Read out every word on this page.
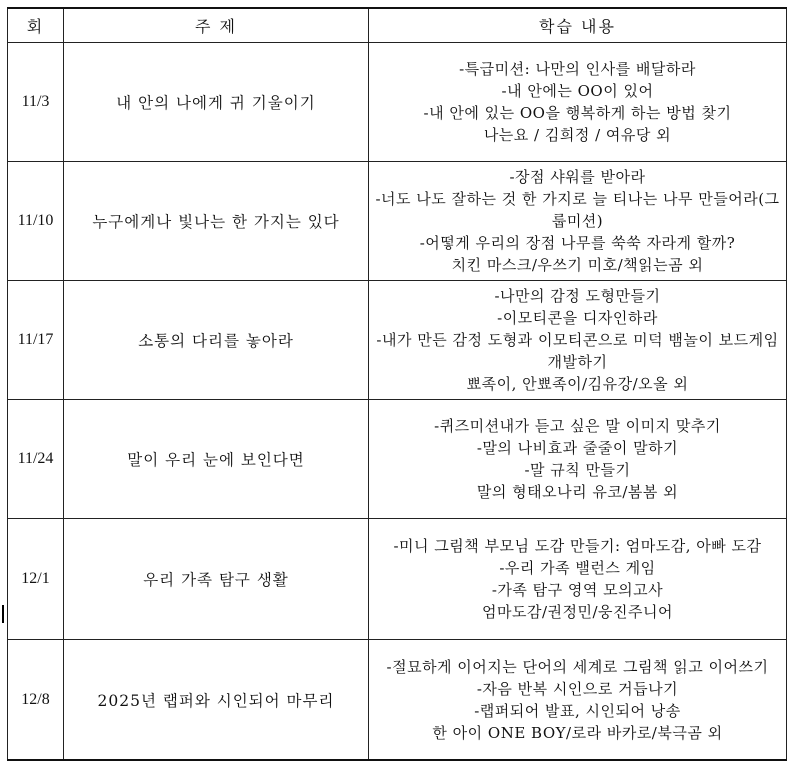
회	주 제	학습 내용
11/3	내 안의 나에게 귀 기울이기	-특급미션: 나만의 인사를 배달하라
-내 안에는 OO이 있어
-내 안에 있는 OO을 행복하게 하는 방법 찾기
나는요 / 김희정 / 여유당 외

11/10	누구에게나 빛나는 한 가지는 있다	-장점 샤워를 받아라
-너도 나도 잘하는 것 한 가지로 늘 티나는 나무 만들어라(그룹미션)
-어떻게 우리의 장점 나무를 쑥쑥 자라게 할까?
치킨 마스크/우쓰기 미호/책읽는곰 외

11/17	소통의 다리를 놓아라	-나만의 감정 도형만들기
-이모티콘을 디자인하라
-내가 만든 감정 도형과 이모티콘으로 미덕 뱀놀이 보드게임 개발하기
뾰족이, 안뾰족이/김유강/오올 외

11/24	말이 우리 눈에 보인다면	-퀴즈미션내가 듣고 싶은 말 이미지 맞추기
-말의 나비효과 줄줄이 말하기
-말 규칙 만들기
말의 형태오나리 유코/봄봄 외

12/1	우리 가족 탐구 생활	-미니 그림책 부모님 도감 만들기: 엄마도감, 아빠 도감
-우리 가족 밸런스 게임
-가족 탐구 영역 모의고사
엄마도감/권정민/웅진주니어

12/8	2025년 랩퍼와 시인되어 마무리	-절묘하게 이어지는 단어의 세계로 그림책 읽고 이어쓰기
-자음 반복 시인으로 거듭나기
-랩퍼되어 발표, 시인되어 낭송
한 아이 ONE BOY/로라 바카로/북극곰 외
